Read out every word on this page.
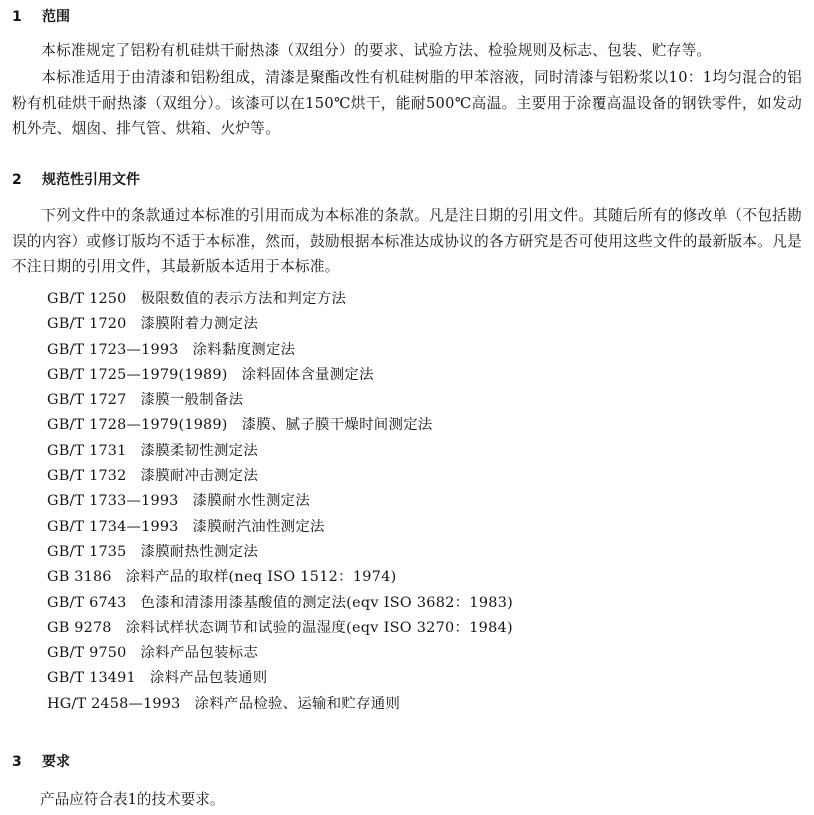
1 范围

本标准规定了铝粉有机硅烘干耐热漆（双组分）的要求、试验方法、检验规则及标志、包装、贮存等。

本标准适用于由清漆和铝粉组成，清漆是聚酯改性有机硅树脂的甲苯溶液，同时清漆与铝粉浆以10：1均匀混合的铝粉有机硅烘干耐热漆（双组分）。该漆可以在150℃烘干，能耐500℃高温。主要用于涂覆高温设备的钢铁零件，如发动机外壳、烟囱、排气管、烘箱、火炉等。

2 规范性引用文件

下列文件中的条款通过本标准的引用而成为本标准的条款。凡是注日期的引用文件。其随后所有的修改单（不包括勘误的内容）或修订版均不适于本标准，然而，鼓励根据本标准达成协议的各方研究是否可使用这些文件的最新版本。凡是不注日期的引用文件，其最新版本适用于本标准。

GB/T 1250 极限数值的表示方法和判定方法
GB/T 1720 漆膜附着力测定法
GB/T 1723—1993 涂料黏度测定法
GB/T 1725—1979(1989) 涂料固体含量测定法
GB/T 1727 漆膜一般制备法
GB/T 1728—1979(1989) 漆膜、腻子膜干燥时间测定法
GB/T 1731 漆膜柔韧性测定法
GB/T 1732 漆膜耐冲击测定法
GB/T 1733—1993 漆膜耐水性测定法
GB/T 1734—1993 漆膜耐汽油性测定法
GB/T 1735 漆膜耐热性测定法
GB 3186 涂料产品的取样(neq ISO 1512：1974)
GB/T 6743 色漆和清漆用漆基酸值的测定法(eqv ISO 3682：1983)
GB 9278 涂料试样状态调节和试验的温湿度(eqv ISO 3270：1984)
GB/T 9750 涂料产品包装标志
GB/T 13491 涂料产品包装通则
HG/T 2458—1993 涂料产品检验、运输和贮存通则
3 要求
产品应符合表1的技术要求。
